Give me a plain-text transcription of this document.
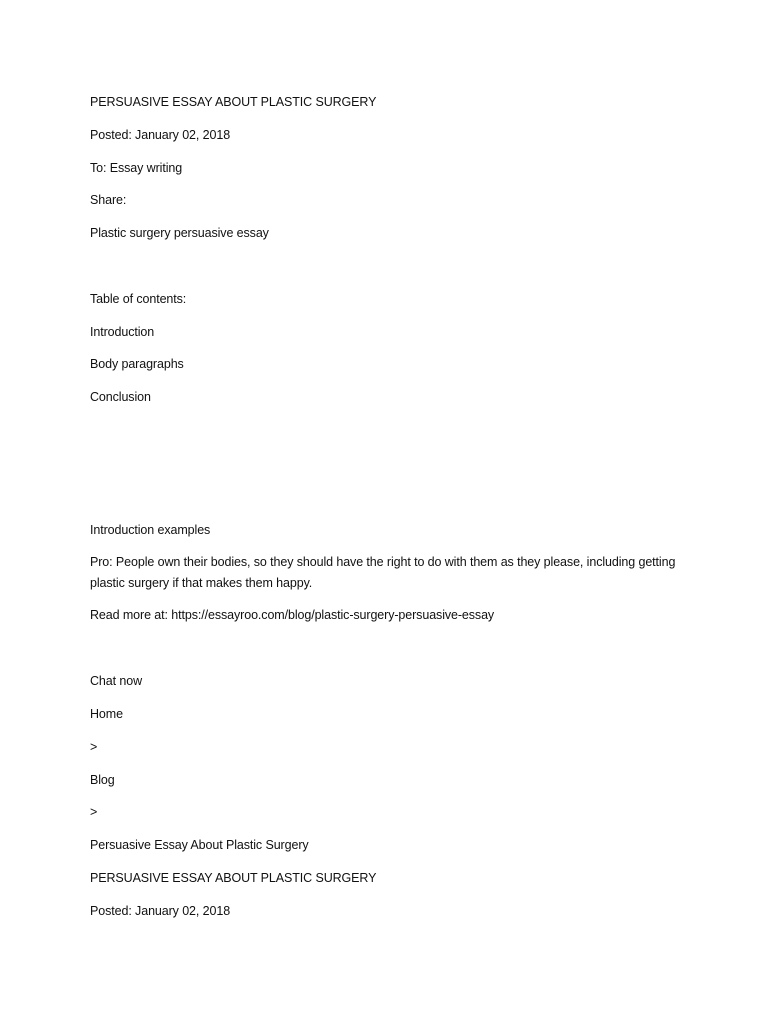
PERSUASIVE ESSAY ABOUT PLASTIC SURGERY

Posted: January 02, 2018

To: Essay writing

Share:

Plastic surgery persuasive essay

Table of contents:

Introduction

Body paragraphs

Conclusion

Introduction examples

Pro: People own their bodies, so they should have the right to do with them as they please, including getting plastic surgery if that makes them happy.

Read more at: https://essayroo.com/blog/plastic-surgery-persuasive-essay

Chat now

Home

>

Blog

>

Persuasive Essay About Plastic Surgery

PERSUASIVE ESSAY ABOUT PLASTIC SURGERY

Posted: January 02, 2018
